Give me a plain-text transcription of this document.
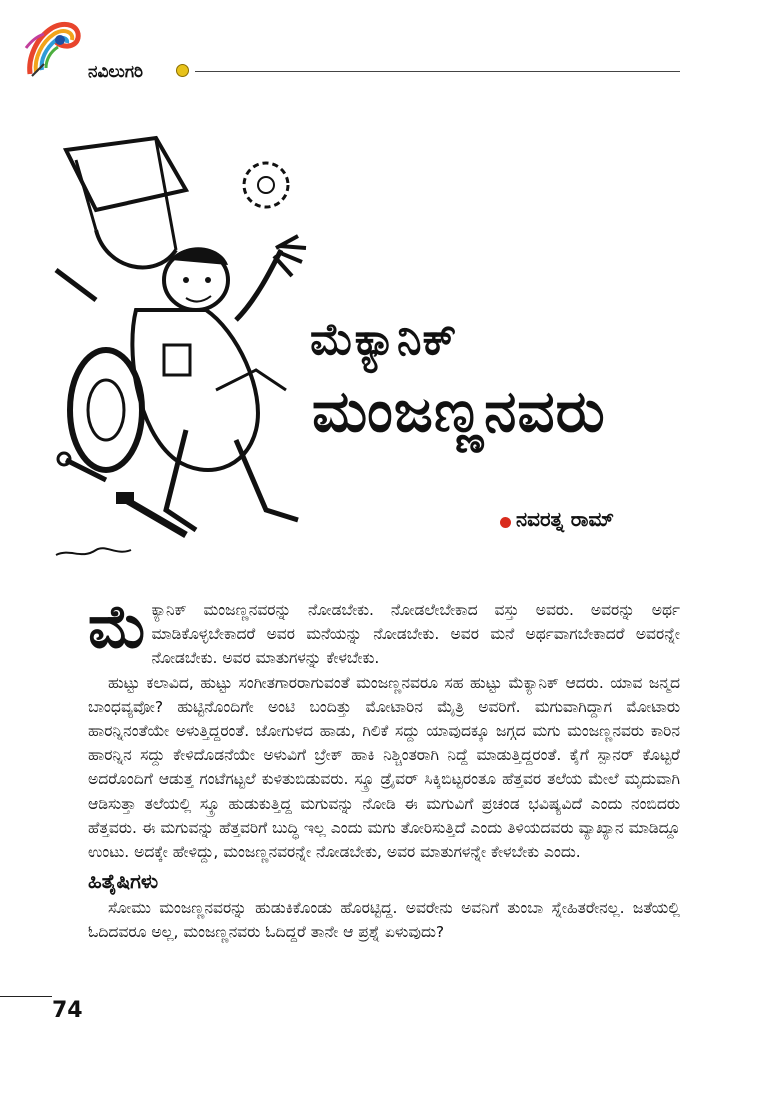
ನವಿಲುಗರಿ
ಮೆಕ್ಯಾನಿಕ್
ಮಂಜಣ್ಣನವರು
ನವರತ್ನ ರಾಮ್

ಮೆಕ್ಯಾನಿಕ್ ಮಂಜಣ್ಣನವರನ್ನು ನೋಡಬೇಕು. ನೋಡಲೇಬೇಕಾದ ವಸ್ತು ಅವರು. ಅವರನ್ನು ಅರ್ಥ ಮಾಡಿಕೊಳ್ಳಬೇಕಾದರೆ ಅವರ ಮನೆಯನ್ನು ನೋಡಬೇಕು. ಅವರ ಮನೆ ಅರ್ಥವಾಗಬೇಕಾದರೆ ಅವರನ್ನೇ ನೋಡಬೇಕು. ಅವರ ಮಾತುಗಳನ್ನು ಕೇಳಬೇಕು.

ಹುಟ್ಟು ಕಲಾವಿದ, ಹುಟ್ಟು ಸಂಗೀತಗಾರರಾಗುವಂತೆ ಮಂಜಣ್ಣನವರೂ ಸಹ ಹುಟ್ಟು ಮೆಕ್ಯಾನಿಕ್ ಆದರು. ಯಾವ ಜನ್ಮದ ಬಾಂಧವ್ಯವೋ? ಹುಟ್ಟಿನೊಂದಿಗೇ ಅಂಟಿ ಬಂದಿತ್ತು ಮೋಟಾರಿನ ಮೈತ್ರಿ ಅವರಿಗೆ. ಮಗುವಾಗಿದ್ದಾಗ ಮೋಟಾರು ಹಾರನ್ನಿನಂತೆಯೇ ಅಳುತ್ತಿದ್ದರಂತೆ. ಜೋಗುಳದ ಹಾಡು, ಗಿಲಿಕೆ ಸದ್ದು ಯಾವುದಕ್ಕೂ ಜಗ್ಗದ ಮಗು ಮಂಜಣ್ಣನವರು ಕಾರಿನ ಹಾರನ್ನಿನ ಸದ್ದು ಕೇಳಿದೊಡನೆಯೇ ಅಳುವಿಗೆ ಬ್ರೇಕ್ ಹಾಕಿ ನಿಶ್ಚಿಂತರಾಗಿ ನಿದ್ದೆ ಮಾಡುತ್ತಿದ್ದರಂತೆ. ಕೈಗೆ ಸ್ಪಾನರ್ ಕೊಟ್ಟರೆ ಅದರೊಂದಿಗೆ ಆಡುತ್ತ ಗಂಟೆಗಟ್ಟಲೆ ಕುಳಿತುಬಿಡುವರು. ಸ್ಕ್ರೂ ಡ್ರೈವರ್ ಸಿಕ್ಕಿಬಿಟ್ಟರಂತೂ ಹೆತ್ತವರ ತಲೆಯ ಮೇಲೆ ಮೃದುವಾಗಿ ಆಡಿಸುತ್ತಾ ತಲೆಯಲ್ಲಿ ಸ್ಕ್ರೂ ಹುಡುಕುತ್ತಿದ್ದ ಮಗುವನ್ನು ನೋಡಿ ಈ ಮಗುವಿಗೆ ಪ್ರಚಂಡ ಭವಿಷ್ಯವಿದೆ ಎಂದು ನಂಬಿದರು ಹೆತ್ತವರು. ಈ ಮಗುವನ್ನು ಹೆತ್ತವರಿಗೆ ಬುದ್ಧಿ ಇಲ್ಲ ಎಂದು ಮಗು ತೋರಿಸುತ್ತಿದೆ ಎಂದು ತಿಳಿಯದವರು ವ್ಯಾಖ್ಯಾನ ಮಾಡಿದ್ದೂ ಉಂಟು. ಅದಕ್ಕೇ ಹೇಳಿದ್ದು, ಮಂಜಣ್ಣನವರನ್ನೇ ನೋಡಬೇಕು, ಅವರ ಮಾತುಗಳನ್ನೇ ಕೇಳಬೇಕು ಎಂದು.

ಹಿತೈಷಿಗಳು

ಸೋಮು ಮಂಜಣ್ಣನವರನ್ನು ಹುಡುಕಿಕೊಂಡು ಹೊರಟ್ಟಿದ್ದ. ಅವರೇನು ಅವನಿಗೆ ತುಂಬಾ ಸ್ನೇಹಿತರೇನಲ್ಲ. ಜತೆಯಲ್ಲಿ ಓದಿದವರೂ ಅಲ್ಲ, ಮಂಜಣ್ಣನವರು ಓದಿದ್ದರೆ ತಾನೇ ಆ ಪ್ರಶ್ನೆ ಏಳುವುದು?

74
